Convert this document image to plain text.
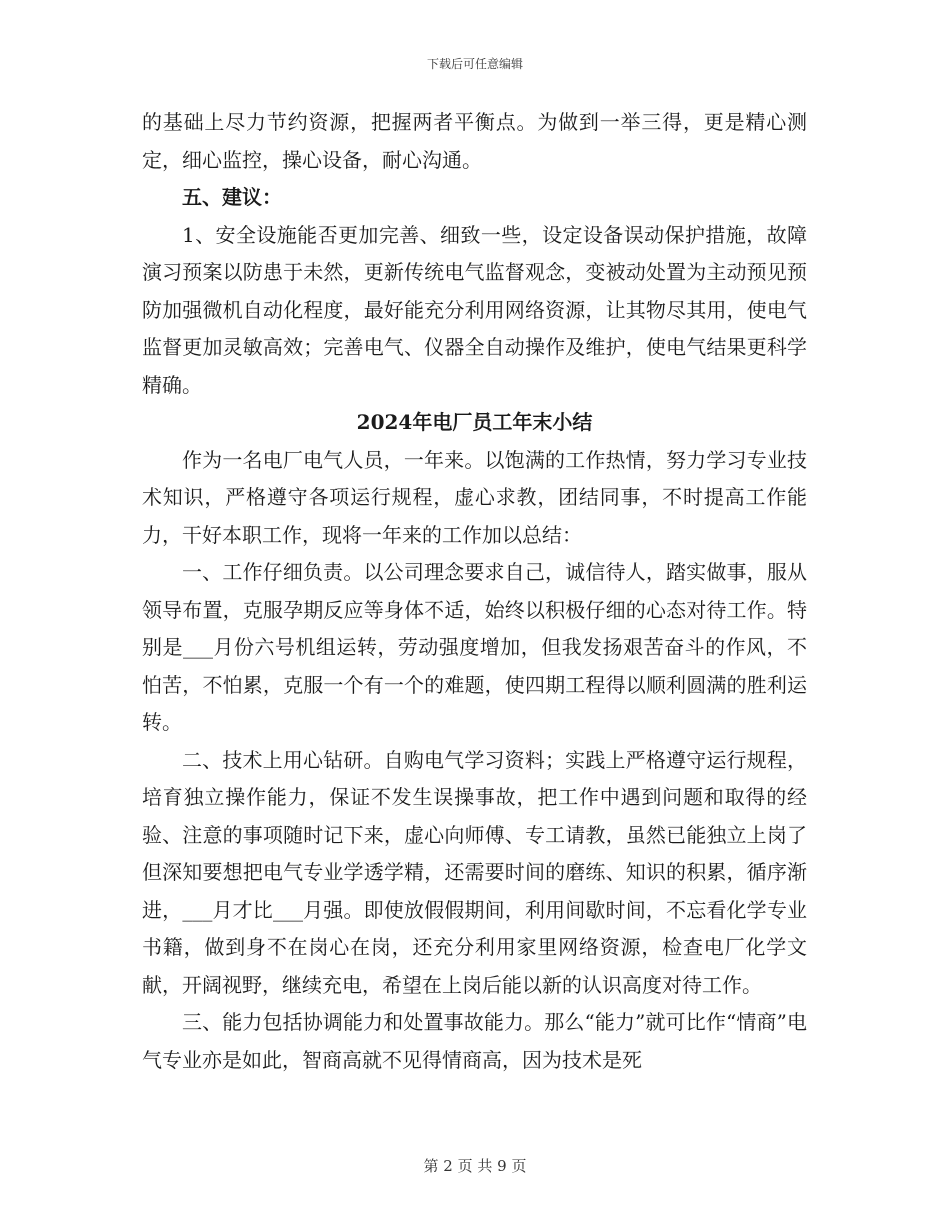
下载后可任意编辑

的基础上尽力节约资源，把握两者平衡点。为做到一举三得，更是精心测定，细心监控，操心设备，耐心沟通。

五、建议：

1、安全设施能否更加完善、细致一些，设定设备误动保护措施，故障演习预案以防患于未然，更新传统电气监督观念，变被动处置为主动预见预防加强微机自动化程度，最好能充分利用网络资源，让其物尽其用，使电气监督更加灵敏高效；完善电气、仪器全自动操作及维护，使电气结果更科学精确。

2024年电厂员工年末小结

作为一名电厂电气人员，一年来。以饱满的工作热情，努力学习专业技术知识，严格遵守各项运行规程，虚心求教，团结同事，不时提高工作能力，干好本职工作，现将一年来的工作加以总结：

一、工作仔细负责。以公司理念要求自己，诚信待人，踏实做事，服从领导布置，克服孕期反应等身体不适，始终以积极仔细的心态对待工作。特别是___月份六号机组运转，劳动强度增加，但我发扬艰苦奋斗的作风，不怕苦，不怕累，克服一个有一个的难题，使四期工程得以顺利圆满的胜利运转。

二、技术上用心钻研。自购电气学习资料；实践上严格遵守运行规程，培育独立操作能力，保证不发生误操事故，把工作中遇到问题和取得的经验、注意的事项随时记下来，虚心向师傅、专工请教，虽然已能独立上岗了但深知要想把电气专业学透学精，还需要时间的磨练、知识的积累，循序渐进，___月才比___月强。即使放假假期间，利用间歇时间，不忘看化学专业书籍，做到身不在岗心在岗，还充分利用家里网络资源，检查电厂化学文献，开阔视野，继续充电，希望在上岗后能以新的认识高度对待工作。

三、能力包括协调能力和处置事故能力。那么“能力”就可比作“情商”电气专业亦是如此，智商高就不见得情商高，因为技术是死

第 2 页 共 9 页
